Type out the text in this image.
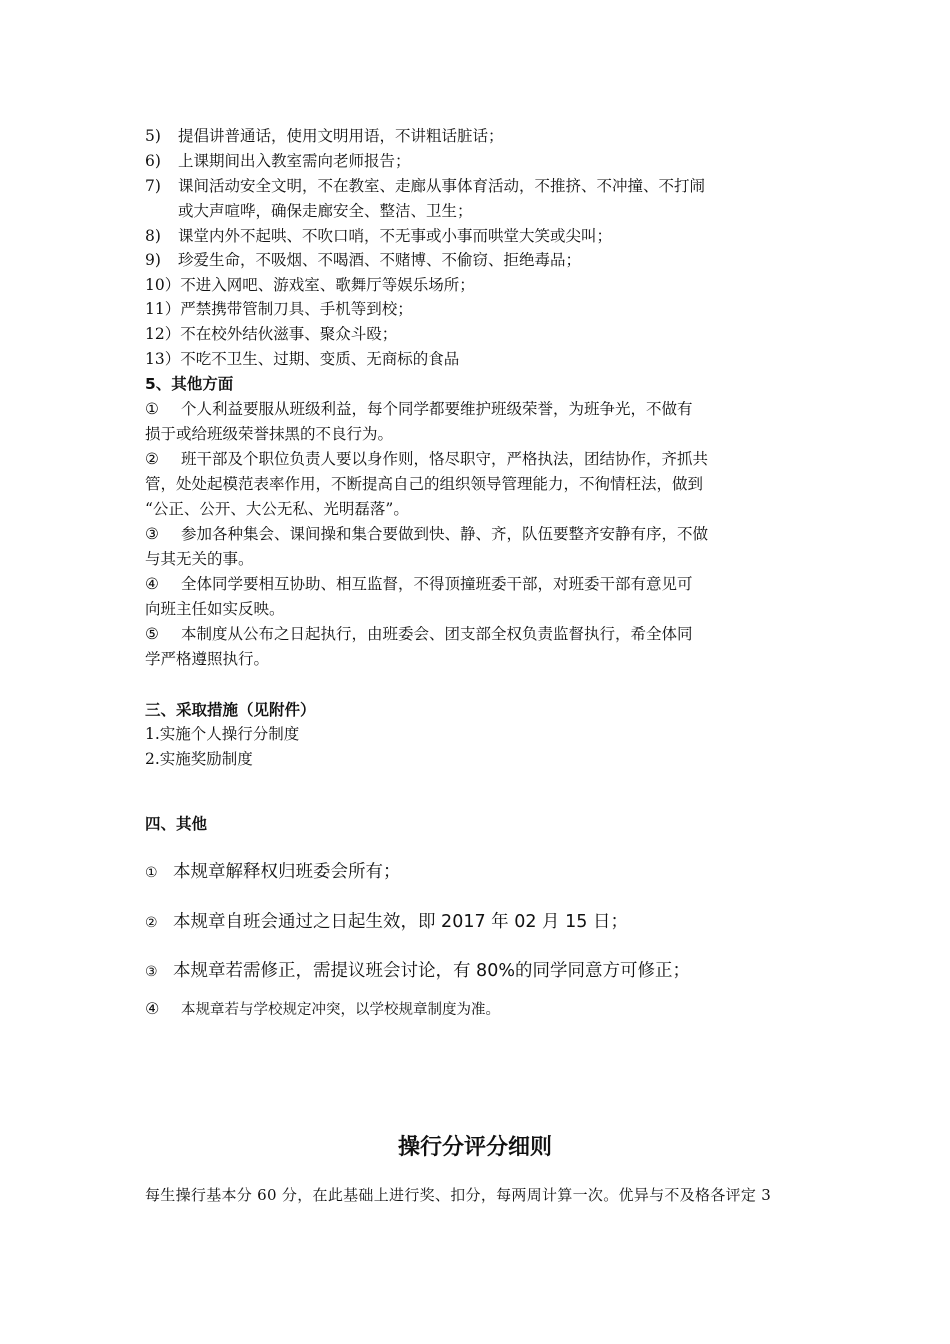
5) 提倡讲普通话，使用文明用语，不讲粗话脏话；
6) 上课期间出入教室需向老师报告；
7) 课间活动安全文明，不在教室、走廊从事体育活动，不推挤、不冲撞、不打闹
或大声喧哗，确保走廊安全、整洁、卫生；
8) 课堂内外不起哄、不吹口哨，不无事或小事而哄堂大笑或尖叫；
9) 珍爱生命，不吸烟、不喝酒、不赌博、不偷窃、拒绝毒品；
10）不进入网吧、游戏室、歌舞厅等娱乐场所；
11）严禁携带管制刀具、手机等到校；
12）不在校外结伙滋事、聚众斗殴；
13）不吃不卫生、过期、变质、无商标的食品
5、其他方面
① 个人利益要服从班级利益，每个同学都要维护班级荣誉，为班争光，不做有
损于或给班级荣誉抹黑的不良行为。
② 班干部及个职位负责人要以身作则，恪尽职守，严格执法，团结协作，齐抓共
管，处处起模范表率作用，不断提高自己的组织领导管理能力，不徇情枉法，做到
“公正、公开、大公无私、光明磊落”。
③ 参加各种集会、课间操和集合要做到快、静、齐，队伍要整齐安静有序，不做
与其无关的事。
④ 全体同学要相互协助、相互监督，不得顶撞班委干部，对班委干部有意见可
向班主任如实反映。
⑤ 本制度从公布之日起执行，由班委会、团支部全权负责监督执行，希全体同
学严格遵照执行。
三、采取措施（见附件）
1.实施个人操行分制度
2.实施奖励制度
四、其他
① 本规章解释权归班委会所有；
② 本规章自班会通过之日起生效，即 2017 年 02 月 15 日；
③ 本规章若需修正，需提议班会讨论，有 80%的同学同意方可修正；
④ 本规章若与学校规定冲突，以学校规章制度为准。
操行分评分细则
每生操行基本分 60 分，在此基础上进行奖、扣分，每两周计算一次。优异与不及格各评定 3
